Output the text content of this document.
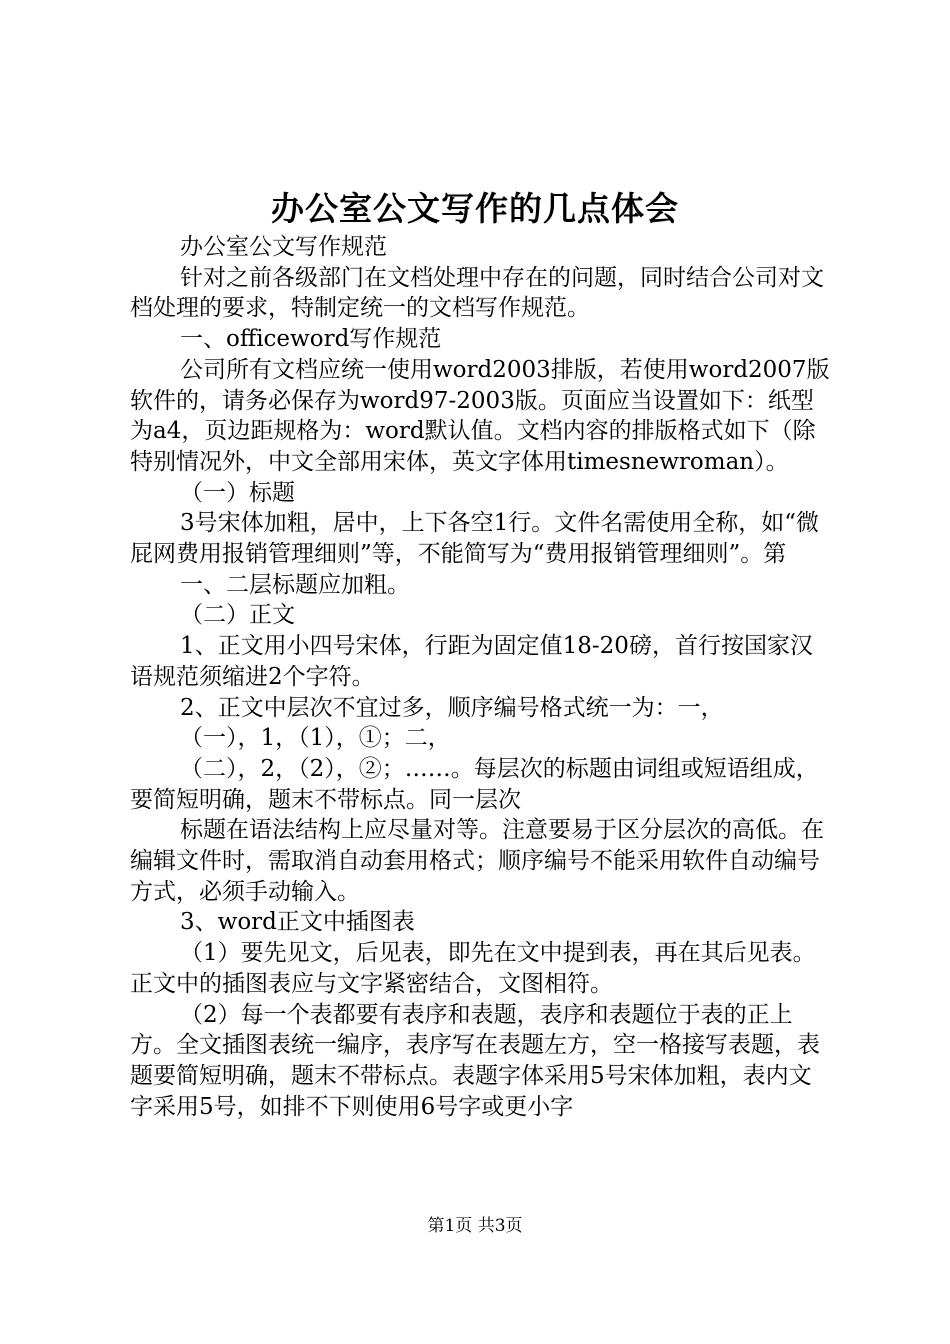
办公室公文写作的几点体会

办公室公文写作规范

针对之前各级部门在文档处理中存在的问题，同时结合公司对文档处理的要求，特制定统一的文档写作规范。

一、officeword写作规范

公司所有文档应统一使用word2003排版，若使用word2007版软件的，请务必保存为word97-2003版。页面应当设置如下：纸型为a4，页边距规格为：word默认值。文档内容的排版格式如下（除特别情况外，中文全部用宋体，英文字体用timesnewroman）。

（一）标题

3号宋体加粗，居中，上下各空1行。文件名需使用全称，如“微屁网费用报销管理细则”等，不能简写为“费用报销管理细则”。第

一、二层标题应加粗。

（二）正文

1、正文用小四号宋体，行距为固定值18-20磅，首行按国家汉语规范须缩进2个字符。

2、正文中层次不宜过多，顺序编号格式统一为：一，

（一），1，（1），①；二，

（二），2，（2），②；……。每层次的标题由词组或短语组成，要简短明确，题末不带标点。同一层次

标题在语法结构上应尽量对等。注意要易于区分层次的高低。在编辑文件时，需取消自动套用格式；顺序编号不能采用软件自动编号方式，必须手动输入。

3、word正文中插图表

（1）要先见文，后见表，即先在文中提到表，再在其后见表。正文中的插图表应与文字紧密结合，文图相符。

（2）每一个表都要有表序和表题，表序和表题位于表的正上方。全文插图表统一编序，表序写在表题左方，空一格接写表题，表题要简短明确，题末不带标点。表题字体采用5号宋体加粗，表内文字采用5号，如排不下则使用6号字或更小字

第1页 共3页
